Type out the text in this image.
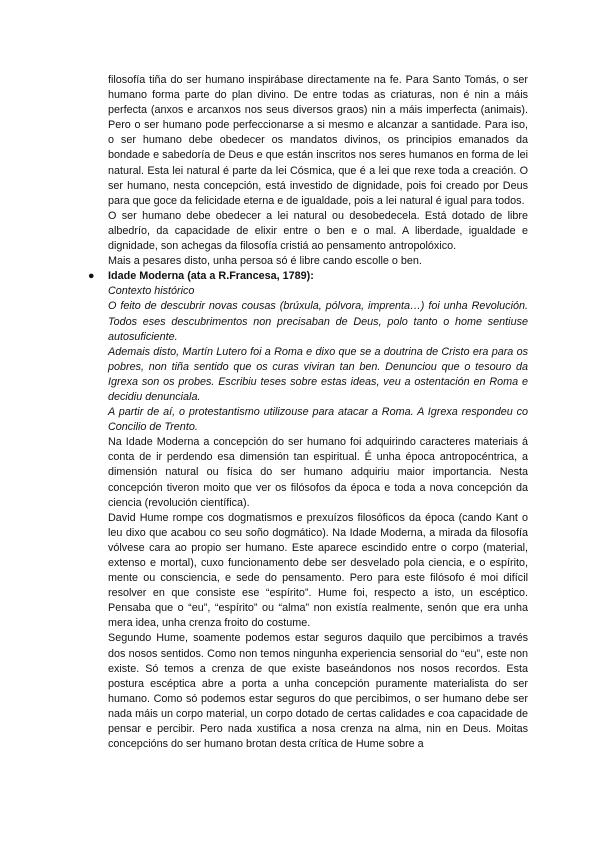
filosofía tiña do ser humano inspirábase directamente na fe. Para Santo Tomás, o ser humano forma parte do plan divino. De entre todas as criaturas, non é nin a máis perfecta (anxos e arcanxos nos seus diversos graos) nin a máis imperfecta (animais). Pero o ser humano pode perfeccionarse a si mesmo e alcanzar a santidade. Para iso, o ser humano debe obedecer os mandatos divinos, os principios emanados da bondade e sabedoría de Deus e que están inscritos nos seres humanos en forma de lei natural. Esta lei natural é parte da lei Cósmica, que é a lei que rexe toda a creación. O ser humano, nesta concepción, está investido de dignidade, pois foi creado por Deus para que goce da felicidade eterna e de igualdade, pois a lei natural é igual para todos.

O ser humano debe obedecer a lei natural ou desobedecela. Está dotado de libre albedrío, da capacidade de elixir entre o ben e o mal. A liberdade, igualdade e dignidade, son achegas da filosofía cristiá ao pensamento antropolóxico.

Mais a pesares disto, unha persoa só é libre cando escolle o ben.

● Idade Moderna (ata a R.Francesa, 1789):

Contexto histórico

O feito de descubrir novas cousas (brúxula, pólvora, imprenta…) foi unha Revolución. Todos eses descubrimentos non precisaban de Deus, polo tanto o home sentiuse autosuficiente.

Ademais disto, Martín Lutero foi a Roma e dixo que se a doutrina de Cristo era para os pobres, non tiña sentido que os curas viviran tan ben. Denunciou que o tesouro da Igrexa son os probes. Escribiu teses sobre estas ideas, veu a ostentación en Roma e decidiu denunciala.

A partir de aí, o protestantismo utilizouse para atacar a Roma. A Igrexa respondeu co Concilio de Trento.

Na Idade Moderna a concepción do ser humano foi adquirindo caracteres materiais á conta de ir perdendo esa dimensión tan espiritual. É unha época antropocéntrica, a dimensión natural ou física do ser humano adquiriu maior importancia. Nesta concepción tiveron moito que ver os filósofos da época e toda a nova concepción da ciencia (revolución científica).

David Hume rompe cos dogmatismos e prexuízos filosóficos da época (cando Kant o leu dixo que acabou co seu soño dogmático). Na Idade Moderna, a mirada da filosofía vólvese cara ao propio ser humano. Este aparece escindido entre o corpo (material, extenso e mortal), cuxo funcionamento debe ser desvelado pola ciencia, e o espírito, mente ou consciencia, e sede do pensamento. Pero para este filósofo é moi difícil resolver en que consiste ese “espírito”. Hume foi, respecto a isto, un escéptico. Pensaba que o “eu”, “espírito” ou “alma” non existía realmente, senón que era unha mera idea, unha crenza froito do costume.

Segundo Hume, soamente podemos estar seguros daquilo que percibimos a través dos nosos sentidos. Como non temos ningunha experiencia sensorial do “eu”, este non existe. Só temos a crenza de que existe baseándonos nos nosos recordos. Esta postura escéptica abre a porta a unha concepción puramente materialista do ser humano. Como só podemos estar seguros do que percibimos, o ser humano debe ser nada máis un corpo material, un corpo dotado de certas calidades e coa capacidade de pensar e percibir. Pero nada xustifica a nosa crenza na alma, nin en Deus. Moitas concepcións do ser humano brotan desta crítica de Hume sobre a
